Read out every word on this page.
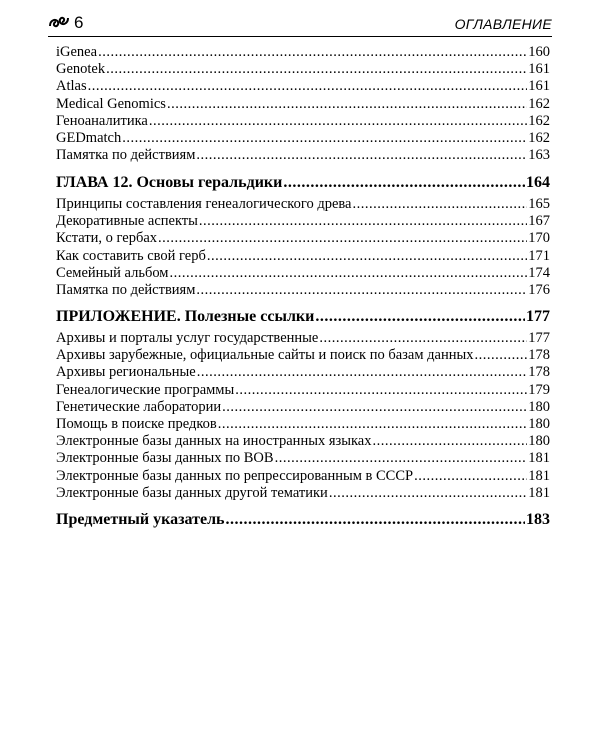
6	ОГЛАВЛЕНИЕ
iGenea .....	160
Genotek .....	161
Atlas .....	161
Medical Genomics .....	162
Геноаналитика .....	162
GEDmatch .....	162
Памятка по действиям .....	163
ГЛАВА 12. Основы геральдики .....	164
Принципы составления генеалогического древа .....	165
Декоративные аспекты .....	167
Кстати, о гербах .....	170
Как составить свой герб .....	171
Семейный альбом .....	174
Памятка по действиям .....	176
ПРИЛОЖЕНИЕ. Полезные ссылки .....	177
Архивы и порталы услуг государственные .....	177
Архивы зарубежные, официальные сайты и поиск по базам данных .....	178
Архивы региональные .....	178
Генеалогические программы .....	179
Генетические лаборатории .....	180
Помощь в поиске предков .....	180
Электронные базы данных на иностранных языках .....	180
Электронные базы данных по ВОВ .....	181
Электронные базы данных по репрессированным в СССР .....	181
Электронные базы данных другой тематики .....	181
Предметный указатель .....	183
